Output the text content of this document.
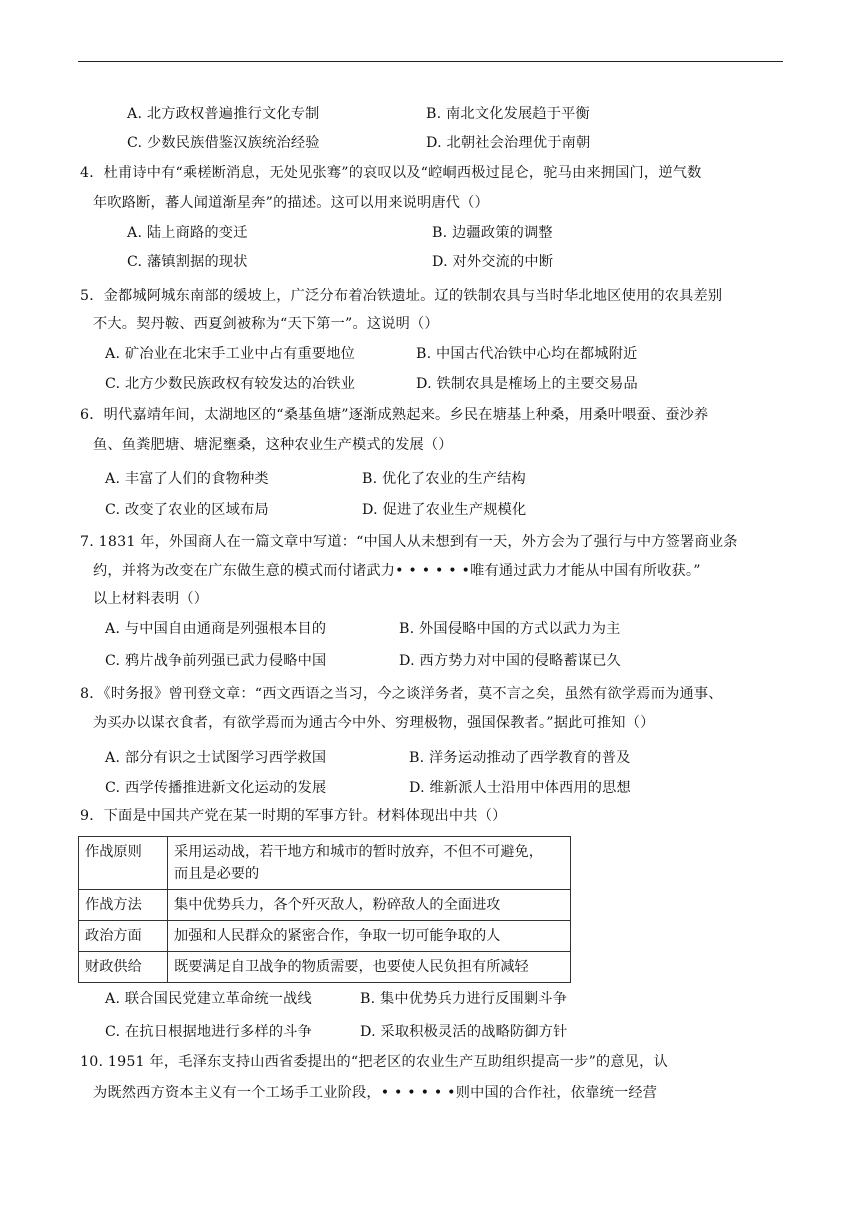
A. 北方政权普遍推行文化专制	B. 南北文化发展趋于平衡
C. 少数民族借鉴汉族统治经验	D. 北朝社会治理优于南朝
4．杜甫诗中有“乘槎断消息，无处见张骞”的哀叹以及“崆峒西极过昆仑，驼马由来拥国门，逆气数
年吹路断，蕃人闻道渐星奔”的描述。这可以用来说明唐代（）
A. 陆上商路的变迁	B. 边疆政策的调整
C. 藩镇割据的现状	D. 对外交流的中断
5．金都城阿城东南部的缓坡上，广泛分布着冶铁遗址。辽的铁制农具与当时华北地区使用的农具差别
不大。契丹鞍、西夏剑被称为“天下第一”。这说明（）
A. 矿冶业在北宋手工业中占有重要地位	B. 中国古代冶铁中心均在都城附近
C. 北方少数民族政权有较发达的冶铁业	D. 铁制农具是榷场上的主要交易品
6．明代嘉靖年间，太湖地区的“桑基鱼塘”逐渐成熟起来。乡民在塘基上种桑，用桑叶喂蚕、蚕沙养
鱼、鱼粪肥塘、塘泥壅桑，这种农业生产模式的发展（）
A. 丰富了人们的食物种类	B. 优化了农业的生产结构
C. 改变了农业的区域布局	D. 促进了农业生产规模化
7. 1831 年，外国商人在一篇文章中写道：“中国人从未想到有一天，外方会为了强行与中方签署商业条
约，并将为改变在广东做生意的模式而付诸武力• • • • • •唯有通过武力才能从中国有所收获。”
以上材料表明（）
A. 与中国自由通商是列强根本目的	B. 外国侵略中国的方式以武力为主
C. 鸦片战争前列强已武力侵略中国	D. 西方势力对中国的侵略蓄谋已久
8．《时务报》曾刊登文章：“西文西语之当习，今之谈洋务者，莫不言之矣，虽然有欲学焉而为通事、
为买办以谋衣食者，有欲学焉而为通古今中外、穷理极物，强国保教者。”据此可推知（）
A. 部分有识之士试图学习西学救国	B. 洋务运动推动了西学教育的普及
C. 西学传播推进新文化运动的发展	D. 维新派人士沿用中体西用的思想
9．下面是中国共产党在某一时期的军事方针。材料体现出中共（）
作战原则	采用运动战，若干地方和城市的暂时放弃，不但不可避免，
而且是必要的

作战方法	集中优势兵力，各个歼灭敌人，粉碎敌人的全面进攻
政治方面	加强和人民群众的紧密合作，争取一切可能争取的人
财政供给	既要满足自卫战争的物质需要，也要使人民负担有所减轻
A. 联合国民党建立革命统一战线	B. 集中优势兵力进行反围剿斗争
C. 在抗日根据地进行多样的斗争	D. 采取积极灵活的战略防御方针
10. 1951 年，毛泽东支持山西省委提出的“把老区的农业生产互助组织提高一步”的意见，认
为既然西方资本主义有一个工场手工业阶段，• • • • • •则中国的合作社，依靠统一经营
